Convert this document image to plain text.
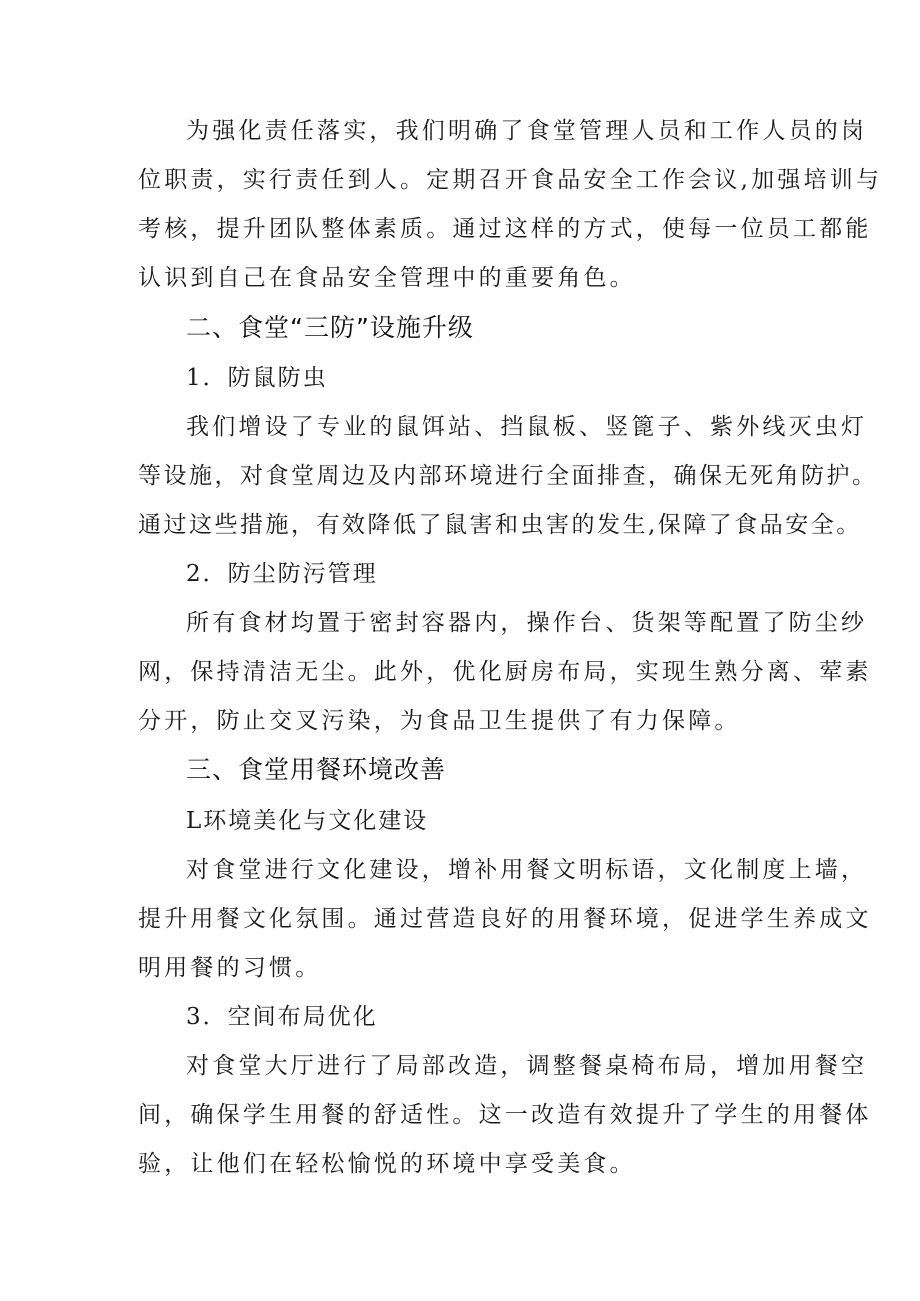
为强化责任落实，我们明确了食堂管理人员和工作人员的岗
位职责，实行责任到人。定期召开食品安全工作会议,加强培训与
考核，提升团队整体素质。通过这样的方式，使每一位员工都能
认识到自己在食品安全管理中的重要角色。
二、食堂“三防”设施升级
1．防鼠防虫
我们增设了专业的鼠饵站、挡鼠板、竖篦子、紫外线灭虫灯
等设施，对食堂周边及内部环境进行全面排查，确保无死角防护。
通过这些措施，有效降低了鼠害和虫害的发生,保障了食品安全。
2．防尘防污管理
所有食材均置于密封容器内，操作台、货架等配置了防尘纱
网，保持清洁无尘。此外，优化厨房布局，实现生熟分离、荤素
分开，防止交叉污染，为食品卫生提供了有力保障。
三、食堂用餐环境改善
L环境美化与文化建设
对食堂进行文化建设，增补用餐文明标语，文化制度上墙，
提升用餐文化氛围。通过营造良好的用餐环境，促进学生养成文
明用餐的习惯。
3．空间布局优化
对食堂大厅进行了局部改造，调整餐桌椅布局，增加用餐空
间，确保学生用餐的舒适性。这一改造有效提升了学生的用餐体
验，让他们在轻松愉悦的环境中享受美食。
